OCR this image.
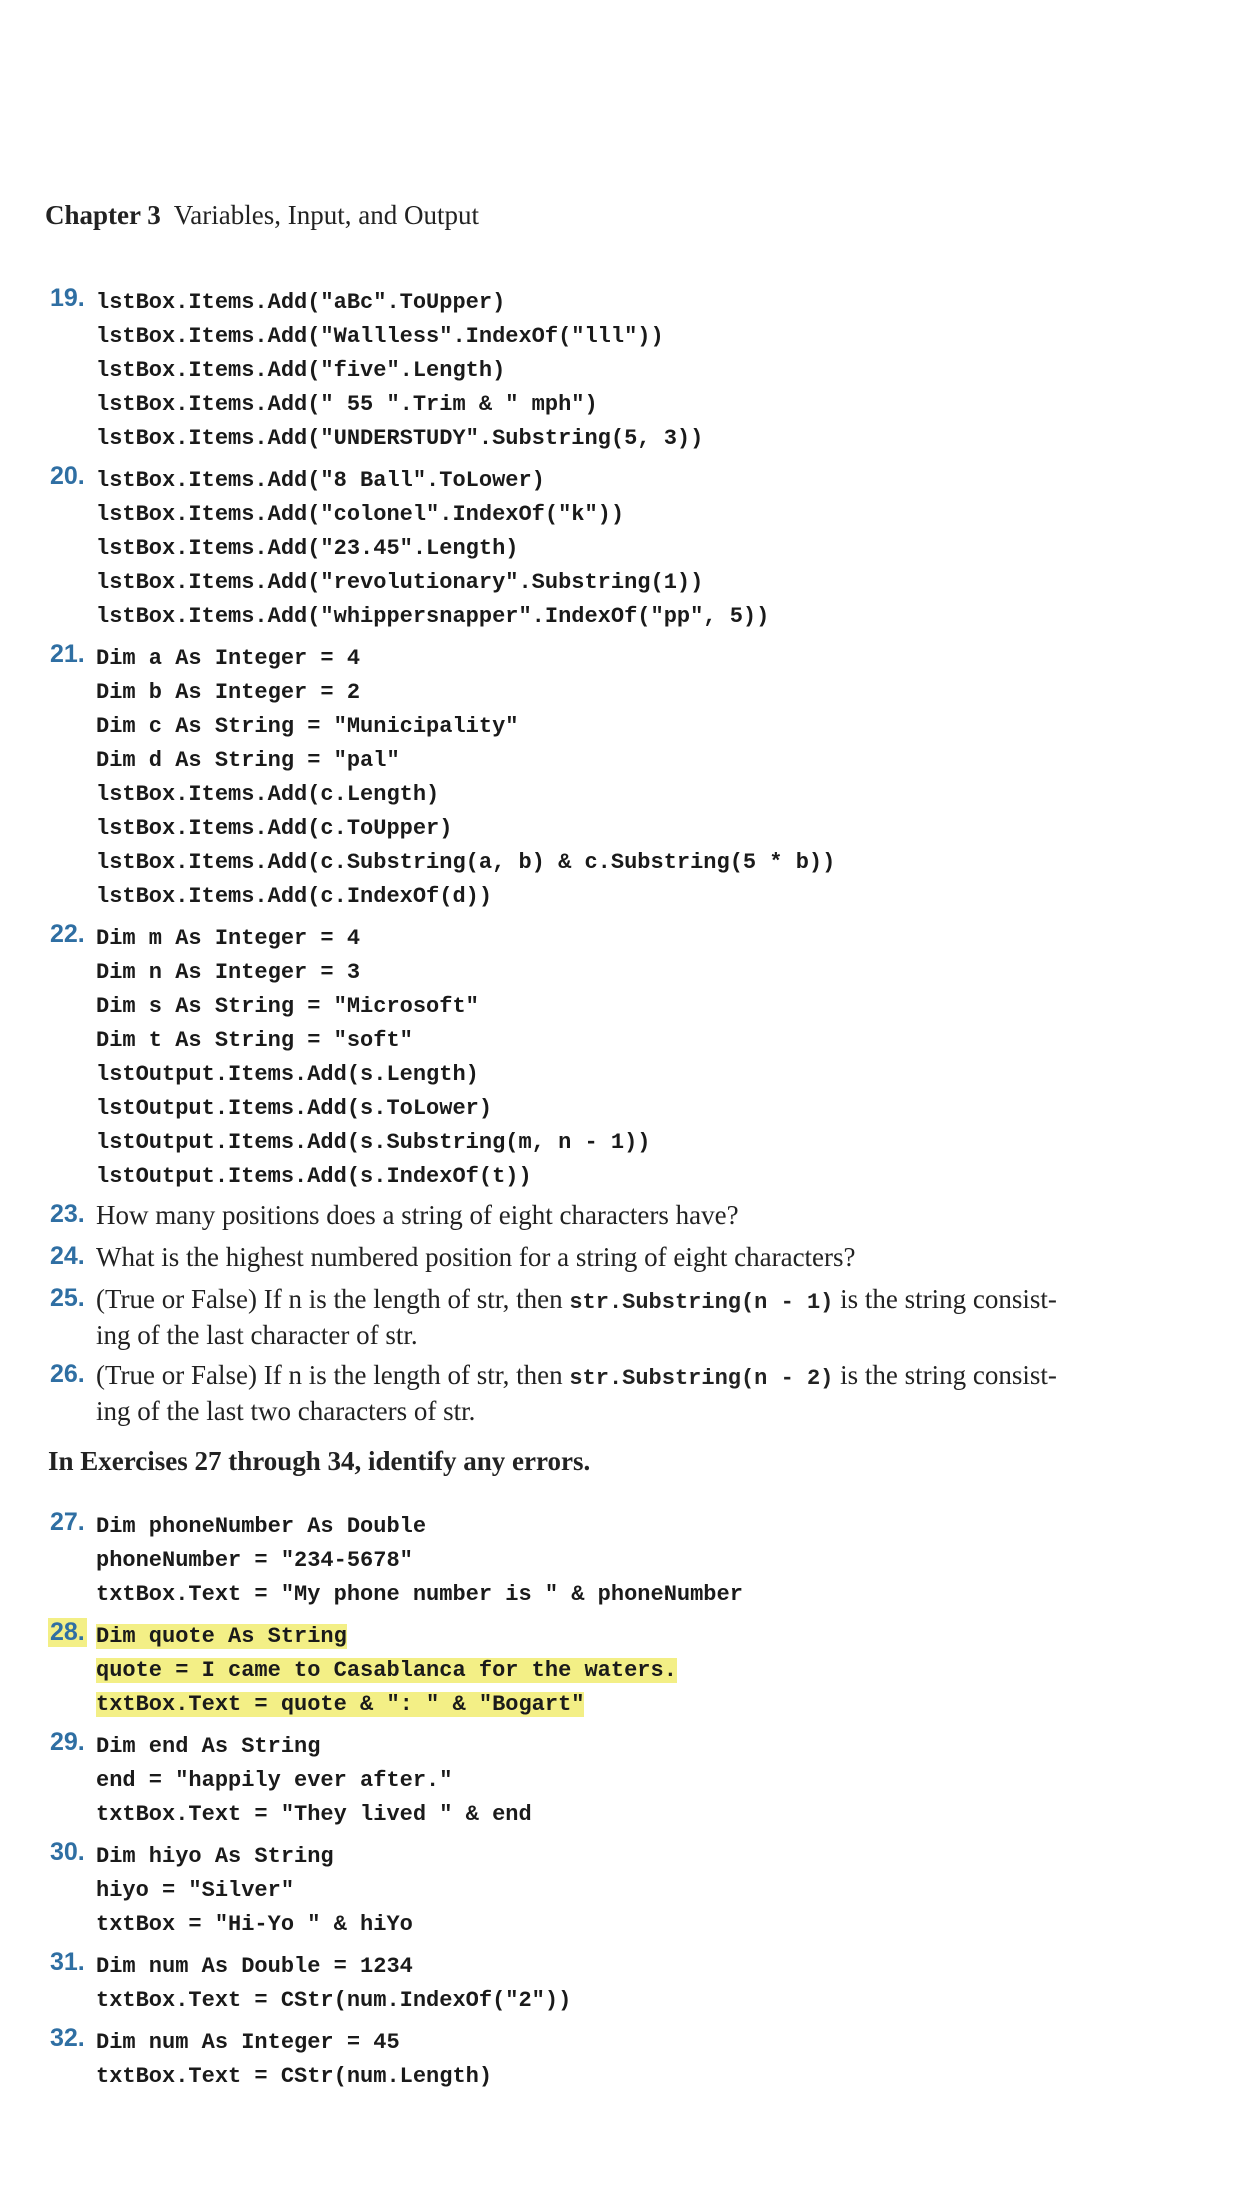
Chapter 3 Variables, Input, and Output
19. lstBox.Items.Add("aBc".ToUpper)
lstBox.Items.Add("Wallless".IndexOf("lll"))
lstBox.Items.Add("five".Length)
lstBox.Items.Add(" 55 ".Trim & " mph")
lstBox.Items.Add("UNDERSTUDY".Substring(5, 3))
20. lstBox.Items.Add("8 Ball".ToLower)
lstBox.Items.Add("colonel".IndexOf("k"))
lstBox.Items.Add("23.45".Length)
lstBox.Items.Add("revolutionary".Substring(1))
lstBox.Items.Add("whippersnapper".IndexOf("pp", 5))
21. Dim a As Integer = 4
Dim b As Integer = 2
Dim c As String = "Municipality"
Dim d As String = "pal"
lstBox.Items.Add(c.Length)
lstBox.Items.Add(c.ToUpper)
lstBox.Items.Add(c.Substring(a, b) & c.Substring(5 * b))
lstBox.Items.Add(c.IndexOf(d))
22. Dim m As Integer = 4
Dim n As Integer = 3
Dim s As String = "Microsoft"
Dim t As String = "soft"
lstOutput.Items.Add(s.Length)
lstOutput.Items.Add(s.ToLower)
lstOutput.Items.Add(s.Substring(m, n - 1))
lstOutput.Items.Add(s.IndexOf(t))
23. How many positions does a string of eight characters have?
24. What is the highest numbered position for a string of eight characters?
25. (True or False) If n is the length of str, then str.Substring(n - 1) is the string consist-
ing of the last character of str.
26. (True or False) If n is the length of str, then str.Substring(n - 2) is the string consist-
ing of the last two characters of str.
In Exercises 27 through 34, identify any errors.
27. Dim phoneNumber As Double
phoneNumber = "234-5678"
txtBox.Text = "My phone number is " & phoneNumber
28. Dim quote As String
quote = I came to Casablanca for the waters.
txtBox.Text = quote & ": " & "Bogart"
29. Dim end As String
end = "happily ever after."
txtBox.Text = "They lived " & end
30. Dim hiyo As String
hiyo = "Silver"
txtBox = "Hi-Yo " & hiYo
31. Dim num As Double = 1234
txtBox.Text = CStr(num.IndexOf("2"))
32. Dim num As Integer = 45
txtBox.Text = CStr(num.Length)
